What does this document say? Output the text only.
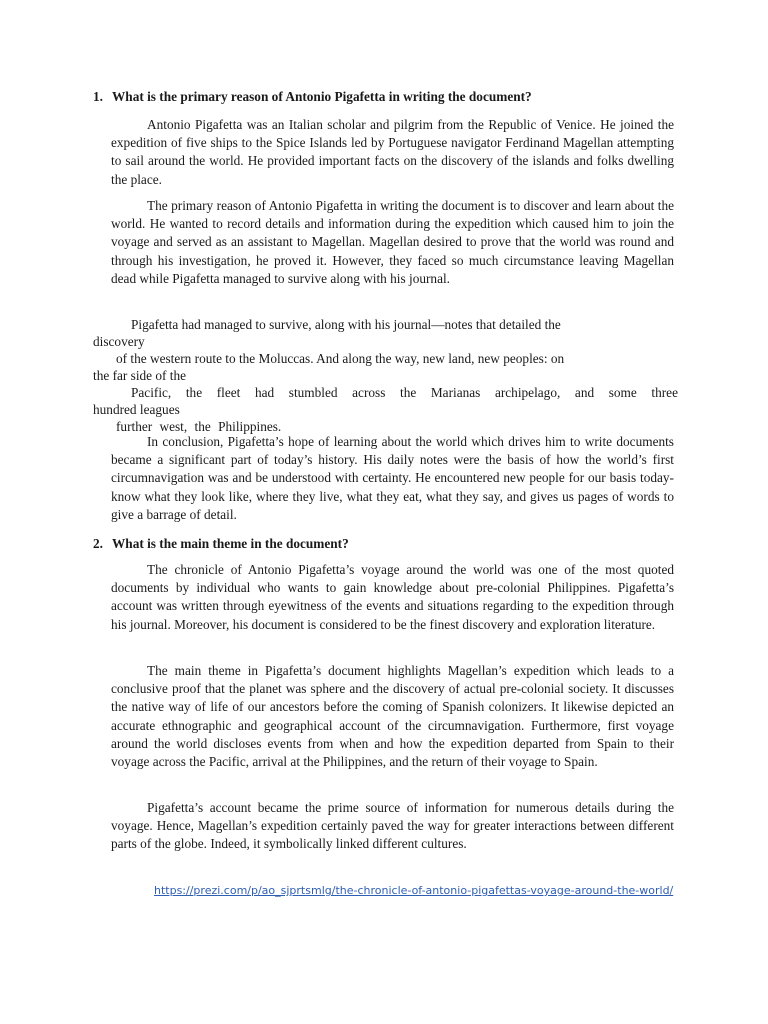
1. What is the primary reason of Antonio Pigafetta in writing the document?

Antonio Pigafetta was an Italian scholar and pilgrim from the Republic of Venice. He joined the expedition of five ships to the Spice Islands led by Portuguese navigator Ferdinand Magellan attempting to sail around the world. He provided important facts on the discovery of the islands and folks dwelling the place.

The primary reason of Antonio Pigafetta in writing the document is to discover and learn about the world. He wanted to record details and information during the expedition which caused him to join the voyage and served as an assistant to Magellan. Magellan desired to prove that the world was round and through his investigation, he proved it. However, they faced so much circumstance leaving Magellan dead while Pigafetta managed to survive along with his journal.

Pigafetta had managed to survive, along with his journal—notes that detailed the
discovery
of the western route to the Moluccas. And along the way, new land, new peoples: on
the far side of the
Pacific, the fleet had stumbled across the Marianas archipelago, and some three
hundred leagues
further west, the Philippines.

In conclusion, Pigafetta’s hope of learning about the world which drives him to write documents became a significant part of today’s history. His daily notes were the basis of how the world’s first circumnavigation was and be understood with certainty. He encountered new people for our basis today- know what they look like, where they live, what they eat, what they say, and gives us pages of words to give a barrage of detail.

2. What is the main theme in the document?

The chronicle of Antonio Pigafetta’s voyage around the world was one of the most quoted documents by individual who wants to gain knowledge about pre-colonial Philippines. Pigafetta’s account was written through eyewitness of the events and situations regarding to the expedition through his journal. Moreover, his document is considered to be the finest discovery and exploration literature.

The main theme in Pigafetta’s document highlights Magellan’s expedition which leads to a conclusive proof that the planet was sphere and the discovery of actual pre-colonial society. It discusses the native way of life of our ancestors before the coming of Spanish colonizers. It likewise depicted an accurate ethnographic and geographical account of the circumnavigation. Furthermore, first voyage around the world discloses events from when and how the expedition departed from Spain to their voyage across the Pacific, arrival at the Philippines, and the return of their voyage to Spain.

Pigafetta’s account became the prime source of information for numerous details during the voyage. Hence, Magellan’s expedition certainly paved the way for greater interactions between different parts of the globe. Indeed, it symbolically linked different cultures.

https://prezi.com/p/ao_sjprtsmlg/the-chronicle-of-antonio-pigafettas-voyage-around-the-world/
